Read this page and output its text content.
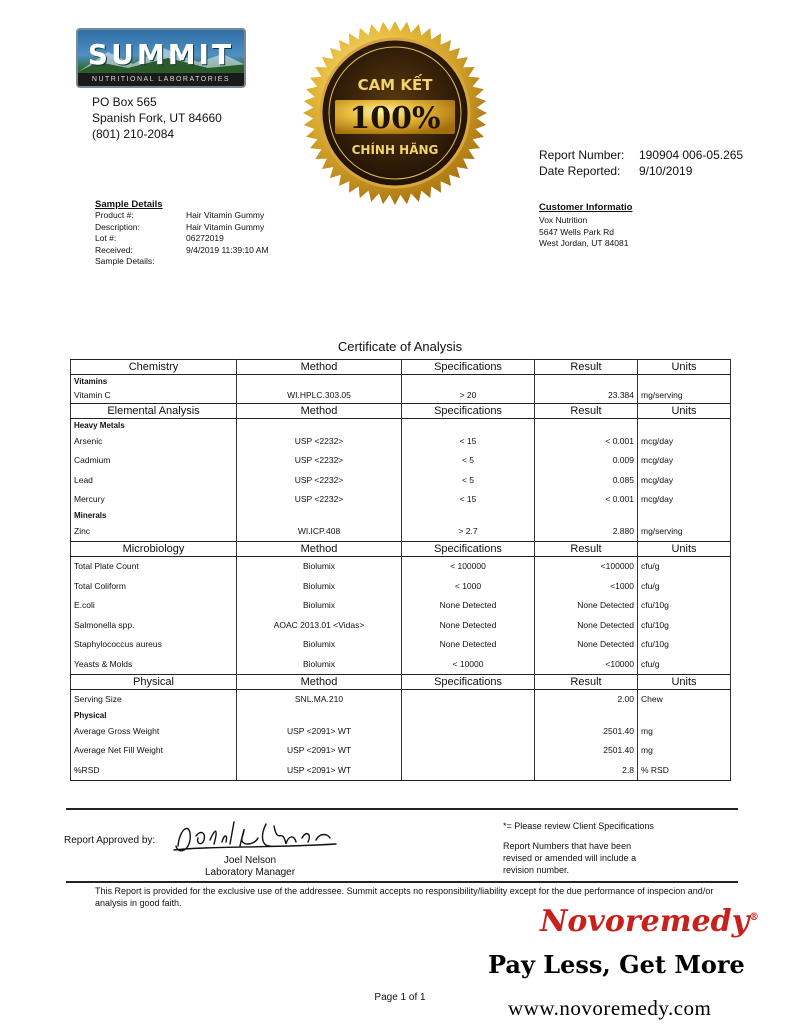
SUMMIT
NUTRITIONAL LABORATORIES
PO Box 565
Spanish Fork, UT 84660
(801) 210-2084
CAM KẾT
100%
CHÍNH HÃNG	Report Number: 190904 006-05.265
Date Reported: 9/10/2019
Sample Details
Product #:	Hair Vitamin Gummy
Description:	Hair Vitamin Gummy
Lot #:	06272019
Received:	9/4/2019 11:39:10 AM
Sample Details:
Customer Informatio
Vox Nutrition
5647 Wells Park Rd
West Jordan, UT 84081
Certificate of Analysis
Chemistry	Method	Specifications	Result	Units
Vitamins				
Vitamin C	WI.HPLC.303.05	> 20	23.384	mg/serving
Elemental Analysis	Method	Specifications	Result	Units
Heavy Metals				
Arsenic	USP <2232>	< 15	< 0.001	mcg/day
Cadmium	USP <2232>	< 5	0.009	mcg/day
Lead	USP <2232>	< 5	0.085	mcg/day
Mercury	USP <2232>	< 15	< 0.001	mcg/day
Minerals				
Zinc	WI.ICP.408	> 2.7	2.880	mg/serving
Microbiology	Method	Specifications	Result	Units
Total Plate Count	Biolumix	< 100000	<100000	cfu/g
Total Coliform	Biolumix	< 1000	<1000	cfu/g
E.coli	Biolumix	None Detected	None Detected	cfu/10g
Salmonella spp.	AOAC 2013.01 <Vidas>	None Detected	None Detected	cfu/10g
Staphylococcus aureus	Biolumix	None Detected	None Detected	cfu/10g
Yeasts & Molds	Biolumix	< 10000	<10000	cfu/g
Physical	Method	Specifications	Result	Units
Serving Size	SNL.MA.210		2.00	Chew
Physical				
Average Gross Weight	USP <2091> WT		2501.40	mg
Average Net Fill Weight	USP <2091> WT		2501.40	mg
%RSD	USP <2091> WT		2.8	% RSD
Report Approved by:
Joel Nelson
Laboratory Manager
*= Please review Client Specifications
Report Numbers that have been
revised or amended will include a
revision number.
This Report is provided for the exclusive use of the addressee. Summit accepts no responsibility/liability except for the due performance of inspecion and/or analysis in good faith.
Novoremedy®
Pay Less, Get More
Page 1 of 1	www.novoremedy.com
